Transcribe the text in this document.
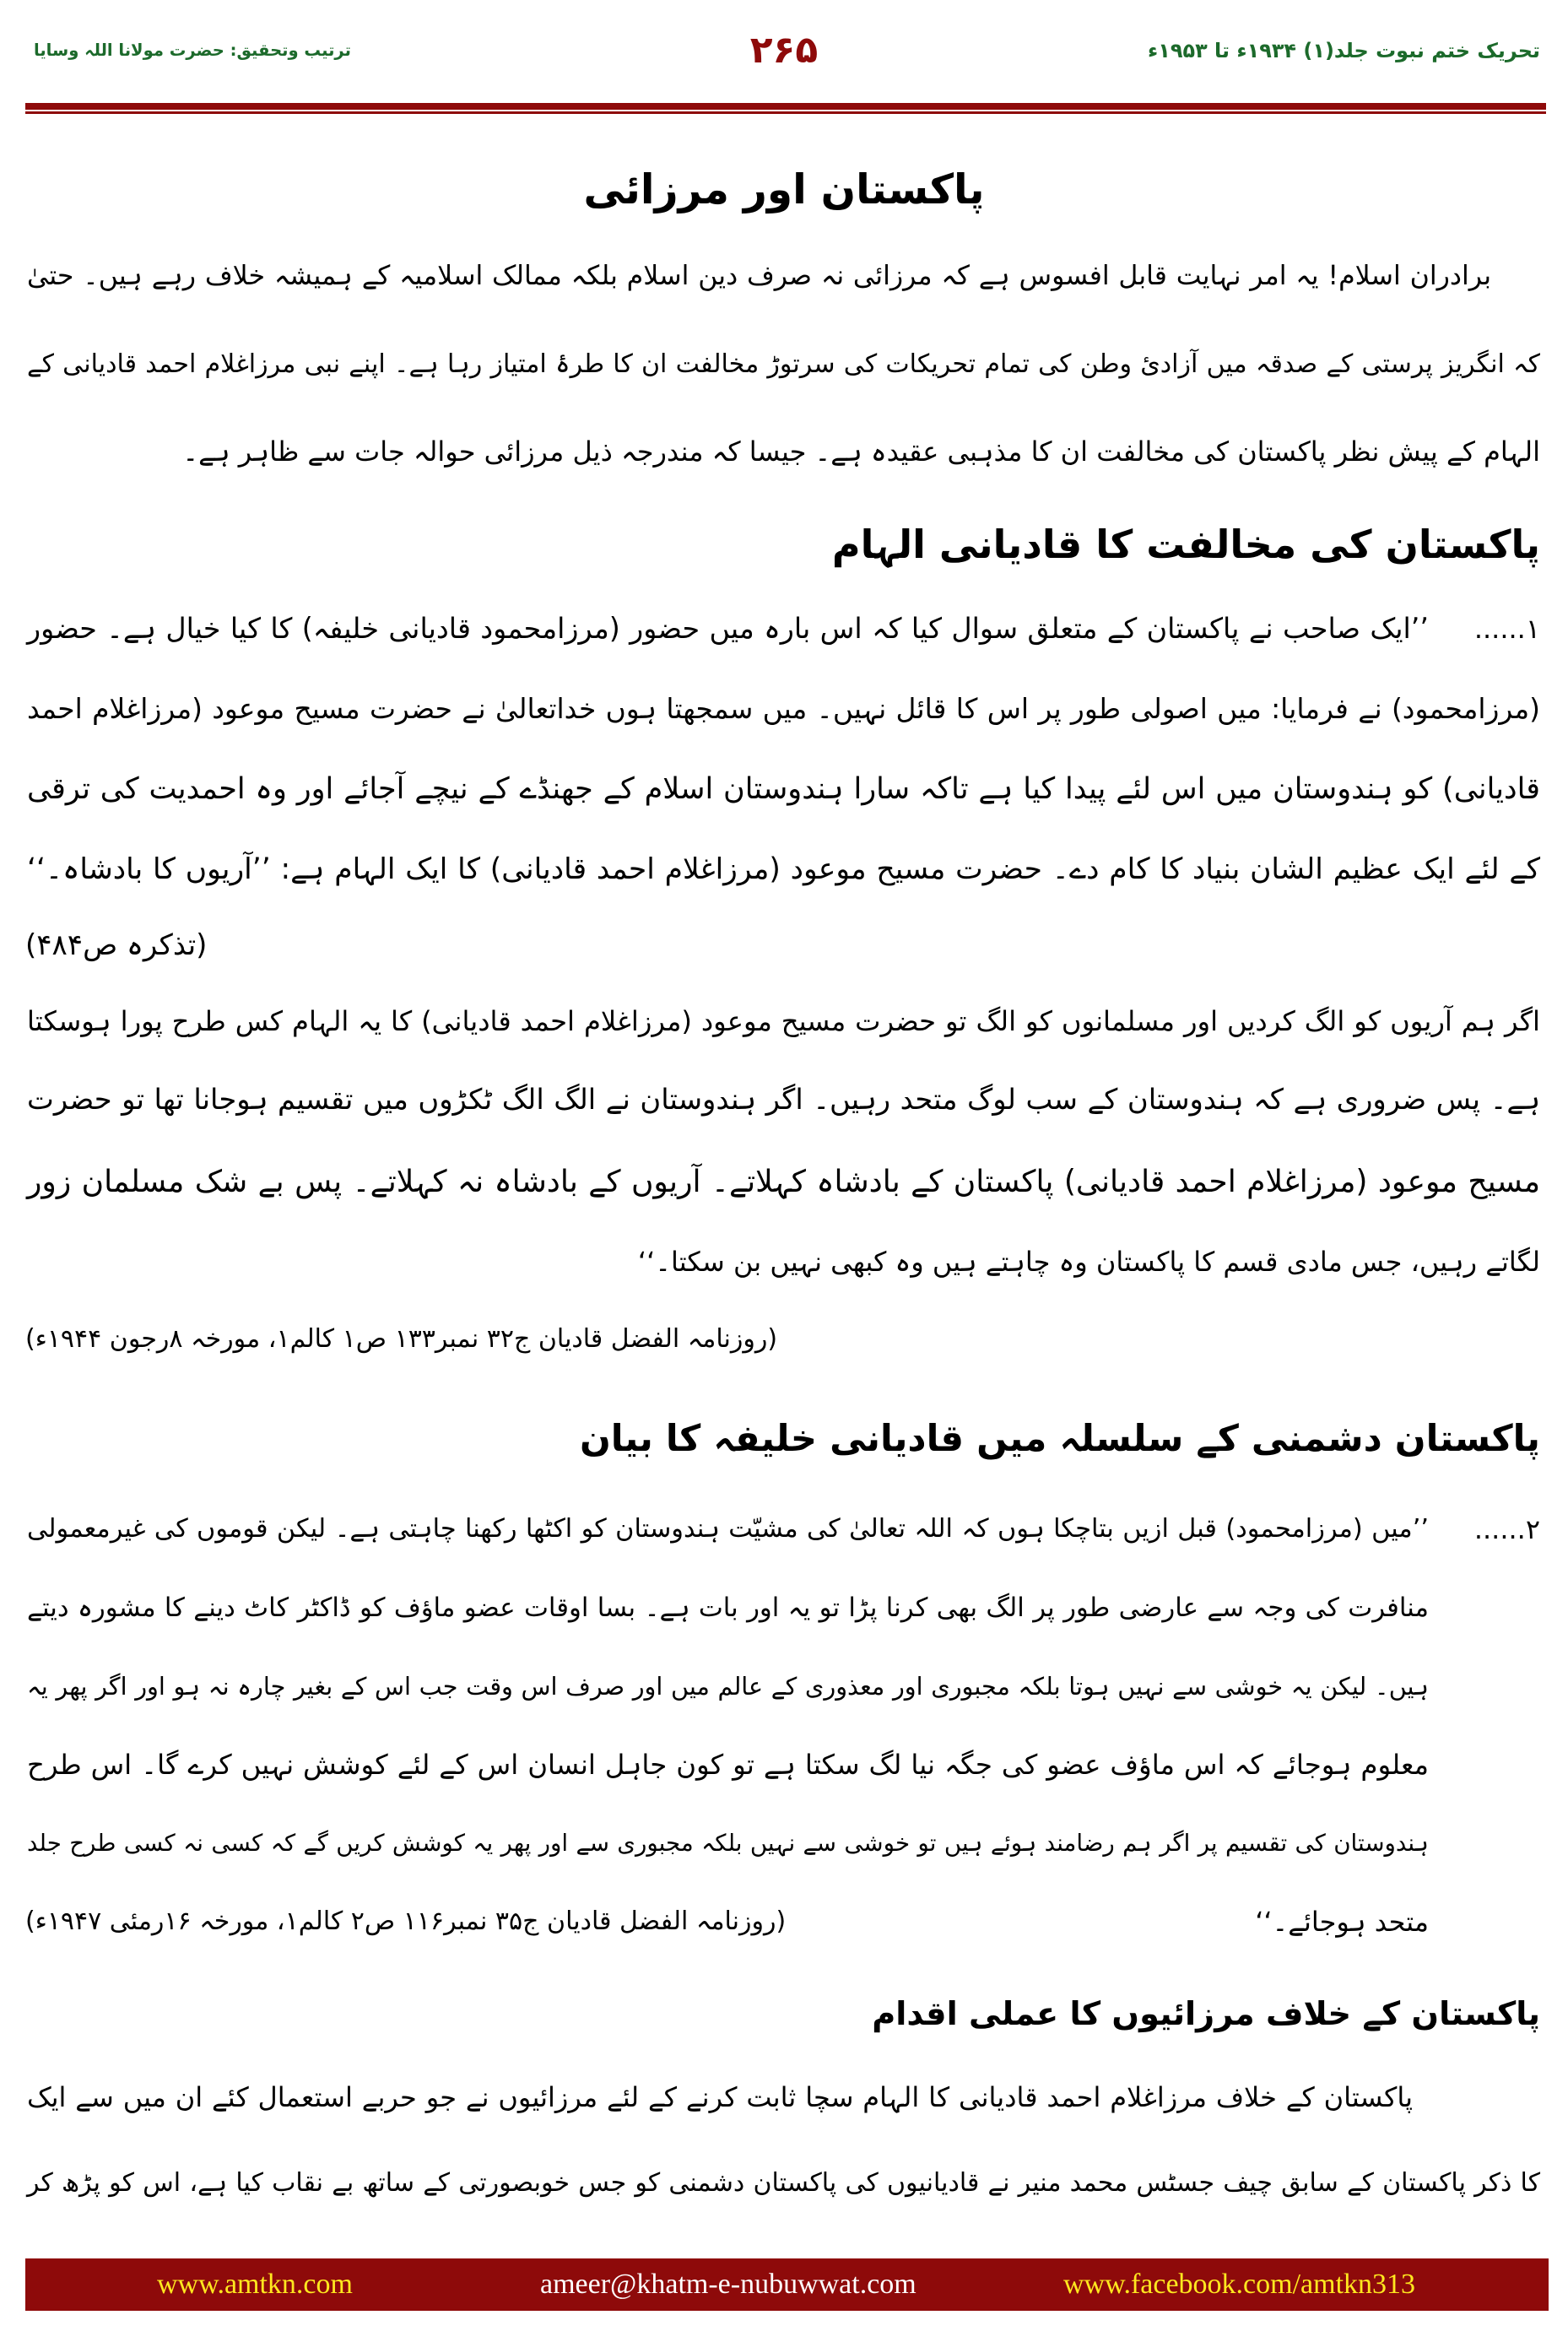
تحریک ختم نبوت جلد(۱) ۱۹۳۴ء تا ۱۹۵۳ء
۲۶۵
ترتیب وتحقیق: حضرت مولانا اللہ وسایا
پاکستان اور مرزائی
برادران اسلام! یہ امر نہایت قابل افسوس ہے کہ مرزائی نہ صرف دین اسلام بلکہ ممالک اسلامیہ کے ہمیشہ خلاف رہے ہیں۔ حتیٰ
کہ انگریز پرستی کے صدقہ میں آزادیٔ وطن کی تمام تحریکات کی سرتوڑ مخالفت ان کا طرۂ امتیاز رہا ہے۔ اپنے نبی مرزاغلام احمد قادیانی کے
الہام کے پیش نظر پاکستان کی مخالفت ان کا مذہبی عقیدہ ہے۔ جیسا کہ مندرجہ ذیل مرزائی حوالہ جات سے ظاہر ہے۔
پاکستان کی مخالفت کا قادیانی الہام
۱......
’’ایک صاحب نے پاکستان کے متعلق سوال کیا کہ اس بارہ میں حضور (مرزامحمود قادیانی خلیفہ) کا کیا خیال ہے۔ حضور
(مرزامحمود) نے فرمایا: میں اصولی طور پر اس کا قائل نہیں۔ میں سمجھتا ہوں خداتعالیٰ نے حضرت مسیح موعود (مرزاغلام احمد
قادیانی) کو ہندوستان میں اس لئے پیدا کیا ہے تاکہ سارا ہندوستان اسلام کے جھنڈے کے نیچے آجائے اور وہ احمدیت کی ترقی
کے لئے ایک عظیم الشان بنیاد کا کام دے۔ حضرت مسیح موعود (مرزاغلام احمد قادیانی) کا ایک الہام ہے: ’’آریوں کا بادشاہ۔‘‘
(تذکرہ ص۴۸۴)
اگر ہم آریوں کو الگ کردیں اور مسلمانوں کو الگ تو حضرت مسیح موعود (مرزاغلام احمد قادیانی) کا یہ الہام کس طرح پورا ہوسکتا
ہے۔ پس ضروری ہے کہ ہندوستان کے سب لوگ متحد رہیں۔ اگر ہندوستان نے الگ الگ ٹکڑوں میں تقسیم ہوجانا تھا تو حضرت
مسیح موعود (مرزاغلام احمد قادیانی) پاکستان کے بادشاہ کہلاتے۔ آریوں کے بادشاہ نہ کہلاتے۔ پس بے شک مسلمان زور
لگاتے رہیں، جس مادی قسم کا پاکستان وہ چاہتے ہیں وہ کبھی نہیں بن سکتا۔‘‘
(روزنامہ الفضل قادیان ج۳۲ نمبر۱۳۳ ص۱ کالم۱، مورخہ ۸رجون ۱۹۴۴ء)
پاکستان دشمنی کے سلسلہ میں قادیانی خلیفہ کا بیان
۲......
’’میں (مرزامحمود) قبل ازیں بتاچکا ہوں کہ اللہ تعالیٰ کی مشیّت ہندوستان کو اکٹھا رکھنا چاہتی ہے۔ لیکن قوموں کی غیرمعمولی
منافرت کی وجہ سے عارضی طور پر الگ بھی کرنا پڑا تو یہ اور بات ہے۔ بسا اوقات عضو ماؤف کو ڈاکٹر کاٹ دینے کا مشورہ دیتے
ہیں۔ لیکن یہ خوشی سے نہیں ہوتا بلکہ مجبوری اور معذوری کے عالم میں اور صرف اس وقت جب اس کے بغیر چارہ نہ ہو اور اگر پھر یہ
معلوم ہوجائے کہ اس ماؤف عضو کی جگہ نیا لگ سکتا ہے تو کون جاہل انسان اس کے لئے کوشش نہیں کرے گا۔ اس طرح
ہندوستان کی تقسیم پر اگر ہم رضامند ہوئے ہیں تو خوشی سے نہیں بلکہ مجبوری سے اور پھر یہ کوشش کریں گے کہ کسی نہ کسی طرح جلد
متحد ہوجائے۔‘‘
(روزنامہ الفضل قادیان ج۳۵ نمبر۱۱۶ ص۲ کالم۱، مورخہ ۱۶رمئی ۱۹۴۷ء)
پاکستان کے خلاف مرزائیوں کا عملی اقدام
پاکستان کے خلاف مرزاغلام احمد قادیانی کا الہام سچا ثابت کرنے کے لئے مرزائیوں نے جو حربے استعمال کئے ان میں سے ایک
کا ذکر پاکستان کے سابق چیف جسٹس محمد منیر نے قادیانیوں کی پاکستان دشمنی کو جس خوبصورتی کے ساتھ بے نقاب کیا ہے، اس کو پڑھ کر
www.amtkn.com	ameer@khatm-e-nubuwwat.com	www.facebook.com/amtkn313
